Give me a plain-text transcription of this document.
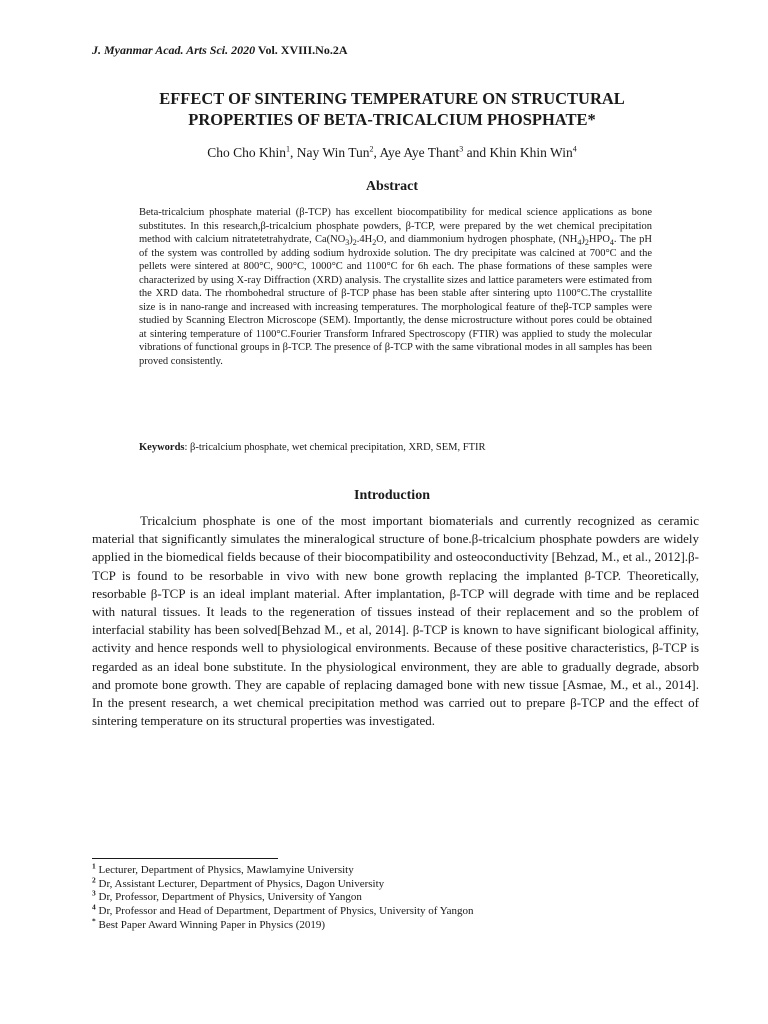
J. Myanmar Acad. Arts Sci. 2020 Vol. XVIII.No.2A
EFFECT OF SINTERING TEMPERATURE ON STRUCTURAL
PROPERTIES OF BETA-TRICALCIUM PHOSPHATE*
Cho Cho Khin$^1$, Nay Win Tun$^2$, Aye Aye Thant$^3$ and Khin Khin Win$^4$
Abstract

Beta-tricalcium phosphate material (β-TCP) has excellent biocompatibility for medical science applications as bone substitutes. In this research,β-tricalcium phosphate powders, β-TCP, were prepared by the wet chemical precipitation method with calcium nitratetetrahydrate, $Ca(NO_3)_2.4H_2O$, and diammonium hydrogen phosphate, $(NH_4)_2HPO_4$. The pH of the system was controlled by adding sodium hydroxide solution. The dry precipitate was calcined at 700°C and the pellets were sintered at 800°C, 900°C, 1000°C and 1100°C for 6h each. The phase formations of these samples were characterized by using X-ray Diffraction (XRD) analysis. The crystallite sizes and lattice parameters were estimated from the XRD data. The rhombohedral structure of β-TCP phase has been stable after sintering upto 1100°C.The crystallite size is in nano-range and increased with increasing temperatures. The morphological feature of theβ-TCP samples were studied by Scanning Electron Microscope (SEM). Importantly, the dense microstructure without pores could be obtained at sintering temperature of 1100°C.Fourier Transform Infrared Spectroscopy (FTIR) was applied to study the molecular vibrations of functional groups in β-TCP. The presence of β-TCP with the same vibrational modes in all samples has been proved consistently.

Keywords: β-tricalcium phosphate, wet chemical precipitation, XRD, SEM, FTIR

Introduction

Tricalcium phosphate is one of the most important biomaterials and currently recognized as ceramic material that significantly simulates the mineralogical structure of bone.β-tricalcium phosphate powders are widely applied in the biomedical fields because of their biocompatibility and osteoconductivity [Behzad, M., et al., 2012].β-TCP is found to be resorbable in vivo with new bone growth replacing the implanted β-TCP. Theoretically, resorbable β-TCP is an ideal implant material. After implantation, β-TCP will degrade with time and be replaced with natural tissues. It leads to the regeneration of tissues instead of their replacement and so the problem of interfacial stability has been solved[Behzad M., et al, 2014]. β-TCP is known to have significant biological affinity, activity and hence responds well to physiological environments. Because of these positive characteristics, β-TCP is regarded as an ideal bone substitute. In the physiological environment, they are able to gradually degrade, absorb and promote bone growth. They are capable of replacing damaged bone with new tissue [Asmae, M., et al., 2014]. In the present research, a wet chemical precipitation method was carried out to prepare β-TCP and the effect of sintering temperature on its structural properties was investigated.

$^1$ Lecturer, Department of Physics, Mawlamyine University
$^2$ Dr, Assistant Lecturer, Department of Physics, Dagon University
$^3$ Dr, Professor, Department of Physics, University of Yangon
$^4$ Dr, Professor and Head of Department, Department of Physics, University of Yangon
* Best Paper Award Winning Paper in Physics (2019)
